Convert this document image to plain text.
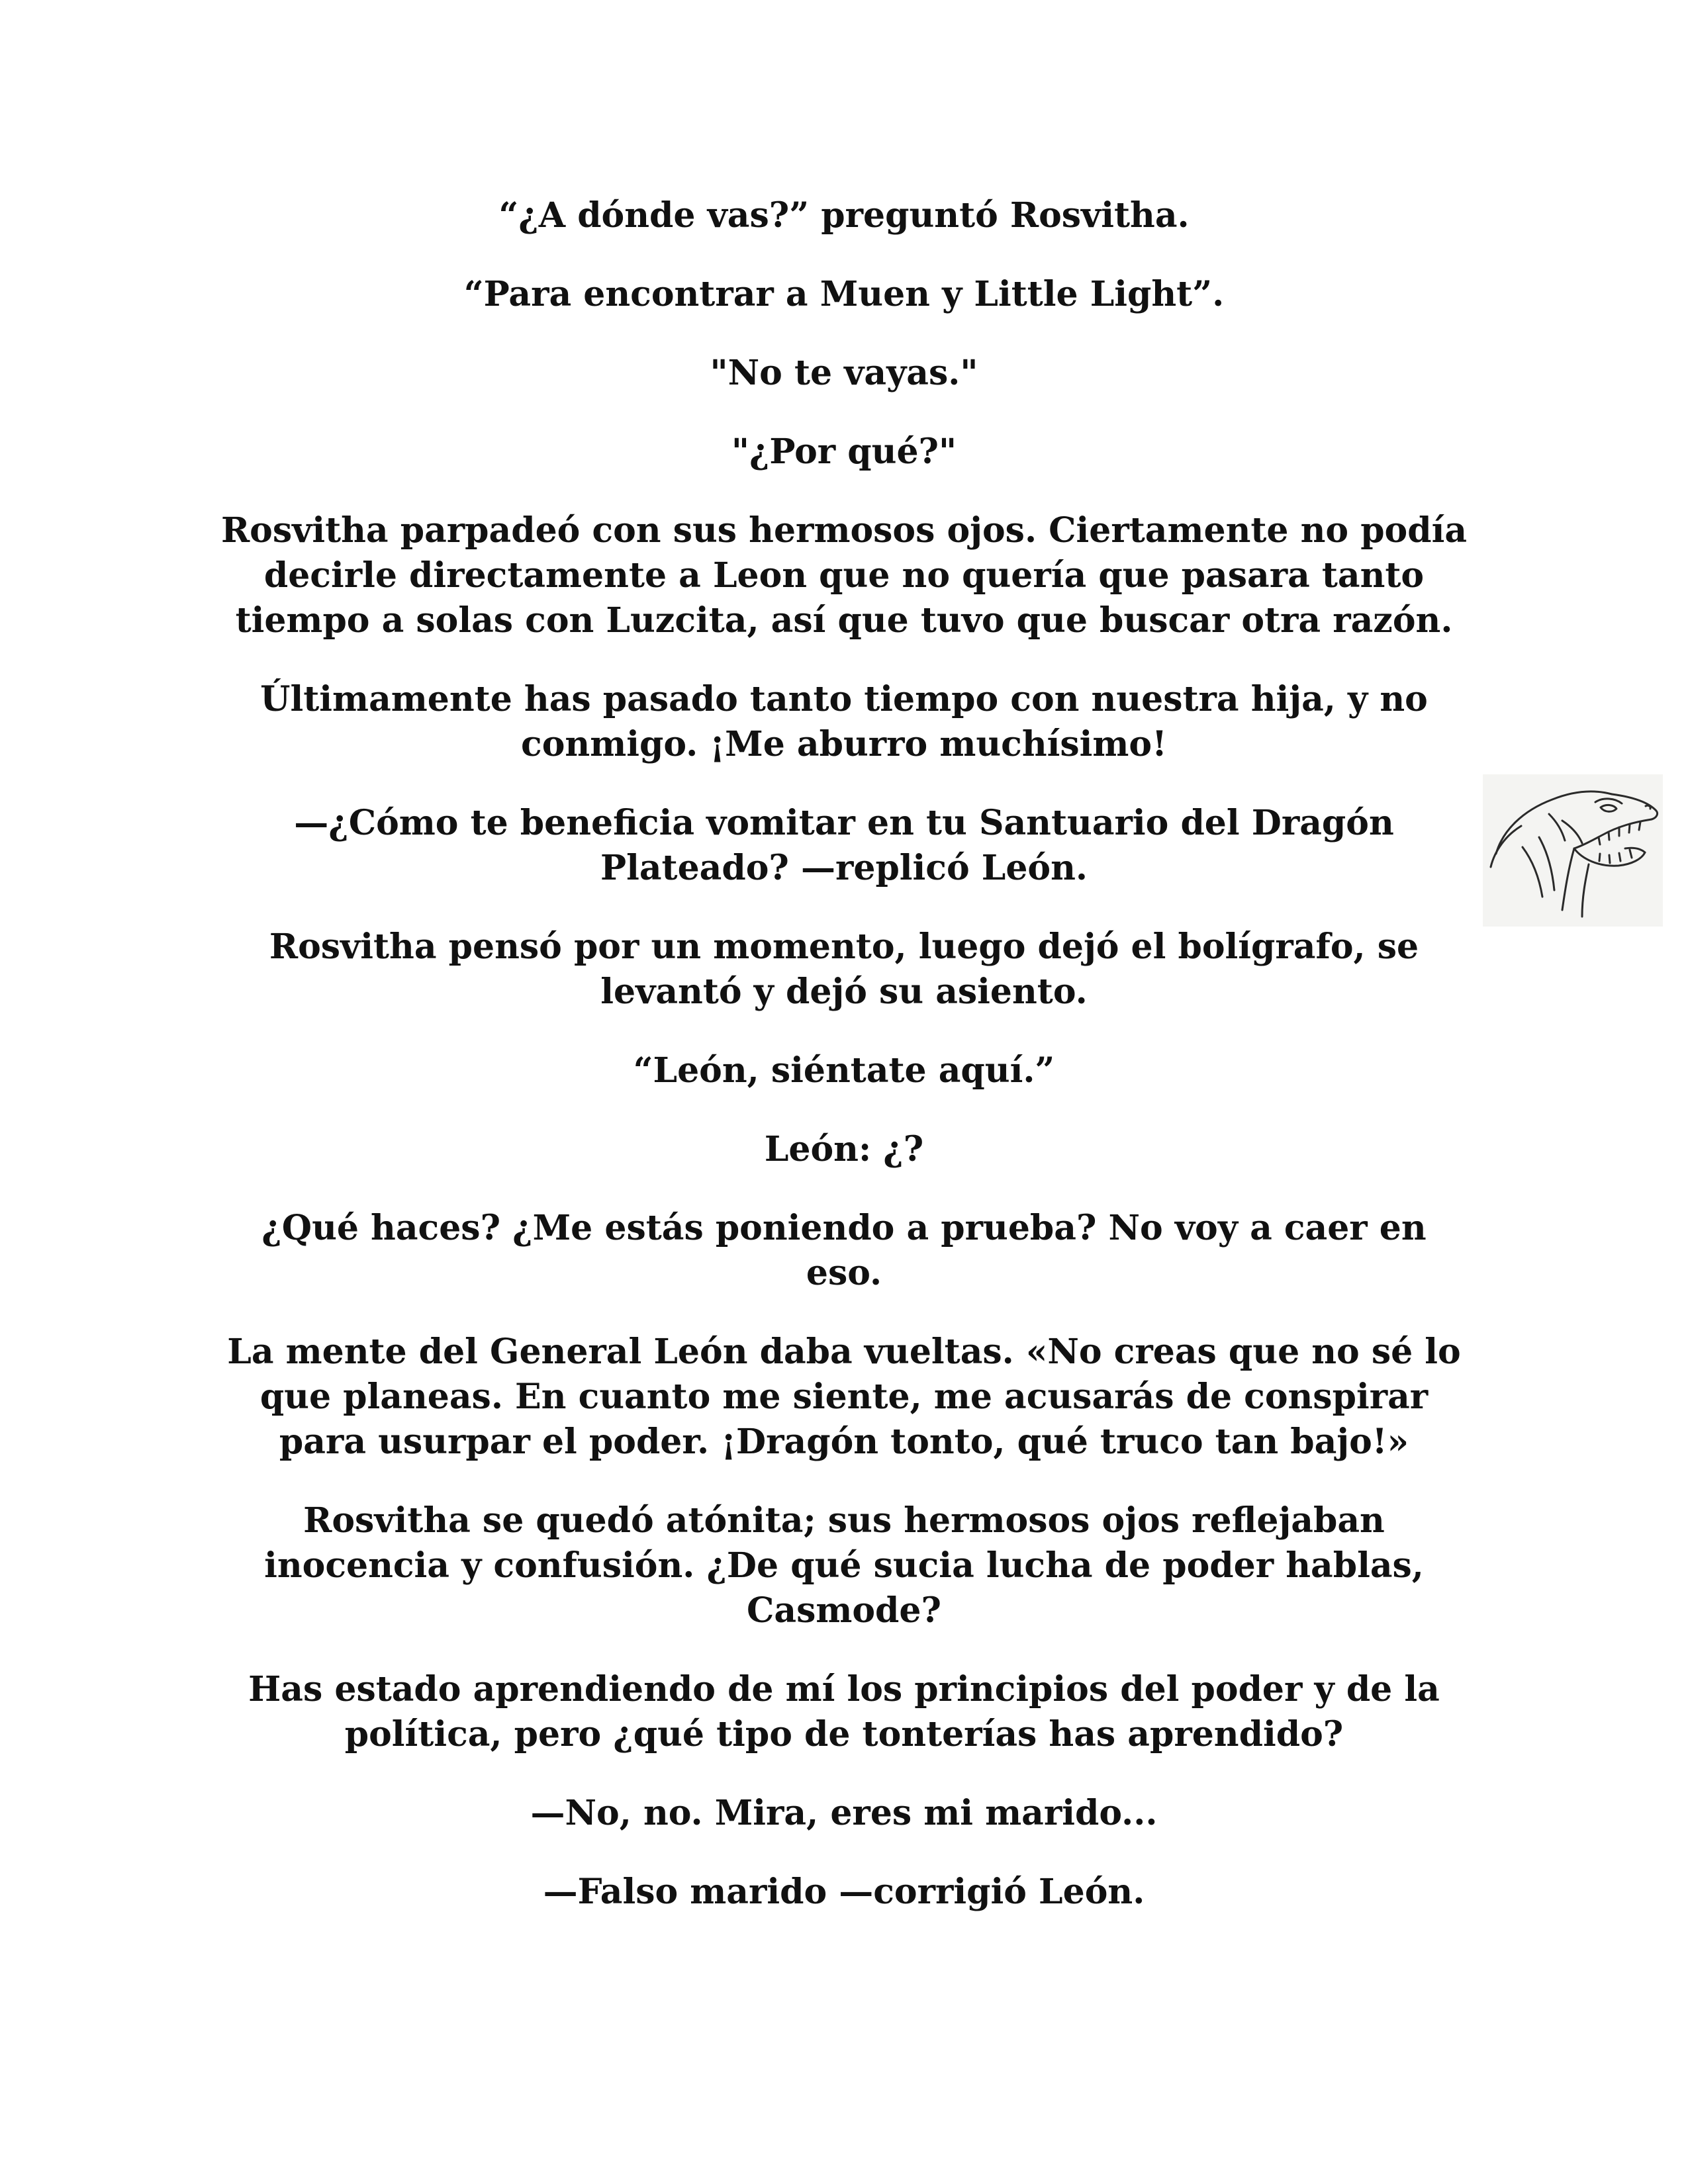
“¿A dónde vas?” preguntó Rosvitha.

“Para encontrar a Muen y Little Light”.

"No te vayas."

"¿Por qué?"

Rosvitha parpadeó con sus hermosos ojos. Ciertamente no podía decirle directamente a Leon que no quería que pasara tanto tiempo a solas con Luzcita, así que tuvo que buscar otra razón.

Últimamente has pasado tanto tiempo con nuestra hija, y no conmigo. ¡Me aburro muchísimo!

—¿Cómo te beneficia vomitar en tu Santuario del Dragón Plateado? —replicó León.

Rosvitha pensó por un momento, luego dejó el bolígrafo, se levantó y dejó su asiento.

“León, siéntate aquí.”

León: ¿?

¿Qué haces? ¿Me estás poniendo a prueba? No voy a caer en eso.

La mente del General León daba vueltas. «No creas que no sé lo que planeas. En cuanto me siente, me acusarás de conspirar para usurpar el poder. ¡Dragón tonto, qué truco tan bajo!»

Rosvitha se quedó atónita; sus hermosos ojos reflejaban inocencia y confusión. ¿De qué sucia lucha de poder hablas, Casmode?

Has estado aprendiendo de mí los principios del poder y de la política, pero ¿qué tipo de tonterías has aprendido?

—No, no. Mira, eres mi marido...

—Falso marido —corrigió León.
